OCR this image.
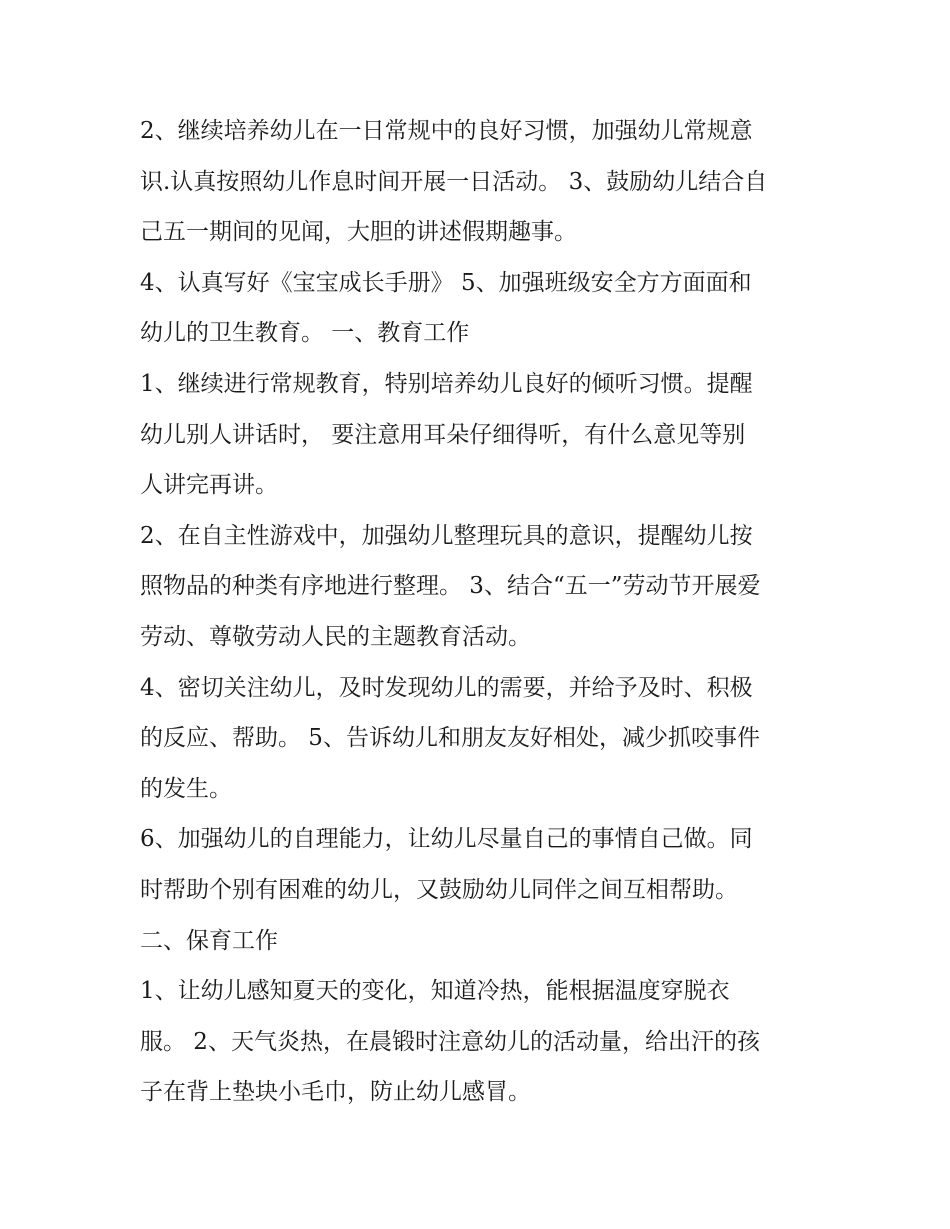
2、继续培养幼儿在一日常规中的良好习惯，加强幼儿常规意
识.认真按照幼儿作息时间开展一日活动。 3、鼓励幼儿结合自
己五一期间的见闻，大胆的讲述假期趣事。
4、认真写好《宝宝成长手册》 5、加强班级安全方方面面和
幼儿的卫生教育。 一、教育工作
1、继续进行常规教育，特别培养幼儿良好的倾听习惯。提醒
幼儿别人讲话时， 要注意用耳朵仔细得听，有什么意见等别
人讲完再讲。
2、在自主性游戏中，加强幼儿整理玩具的意识，提醒幼儿按
照物品的种类有序地进行整理。 3、结合“五一”劳动节开展爱
劳动、尊敬劳动人民的主题教育活动。
4、密切关注幼儿，及时发现幼儿的需要，并给予及时、积极
的反应、帮助。 5、告诉幼儿和朋友友好相处，减少抓咬事件
的发生。
6、加强幼儿的自理能力，让幼儿尽量自己的事情自己做。同
时帮助个别有困难的幼儿，又鼓励幼儿同伴之间互相帮助。
二、保育工作
1、让幼儿感知夏天的变化，知道冷热，能根据温度穿脱衣
服。 2、天气炎热，在晨锻时注意幼儿的活动量，给出汗的孩
子在背上垫块小毛巾，防止幼儿感冒。
